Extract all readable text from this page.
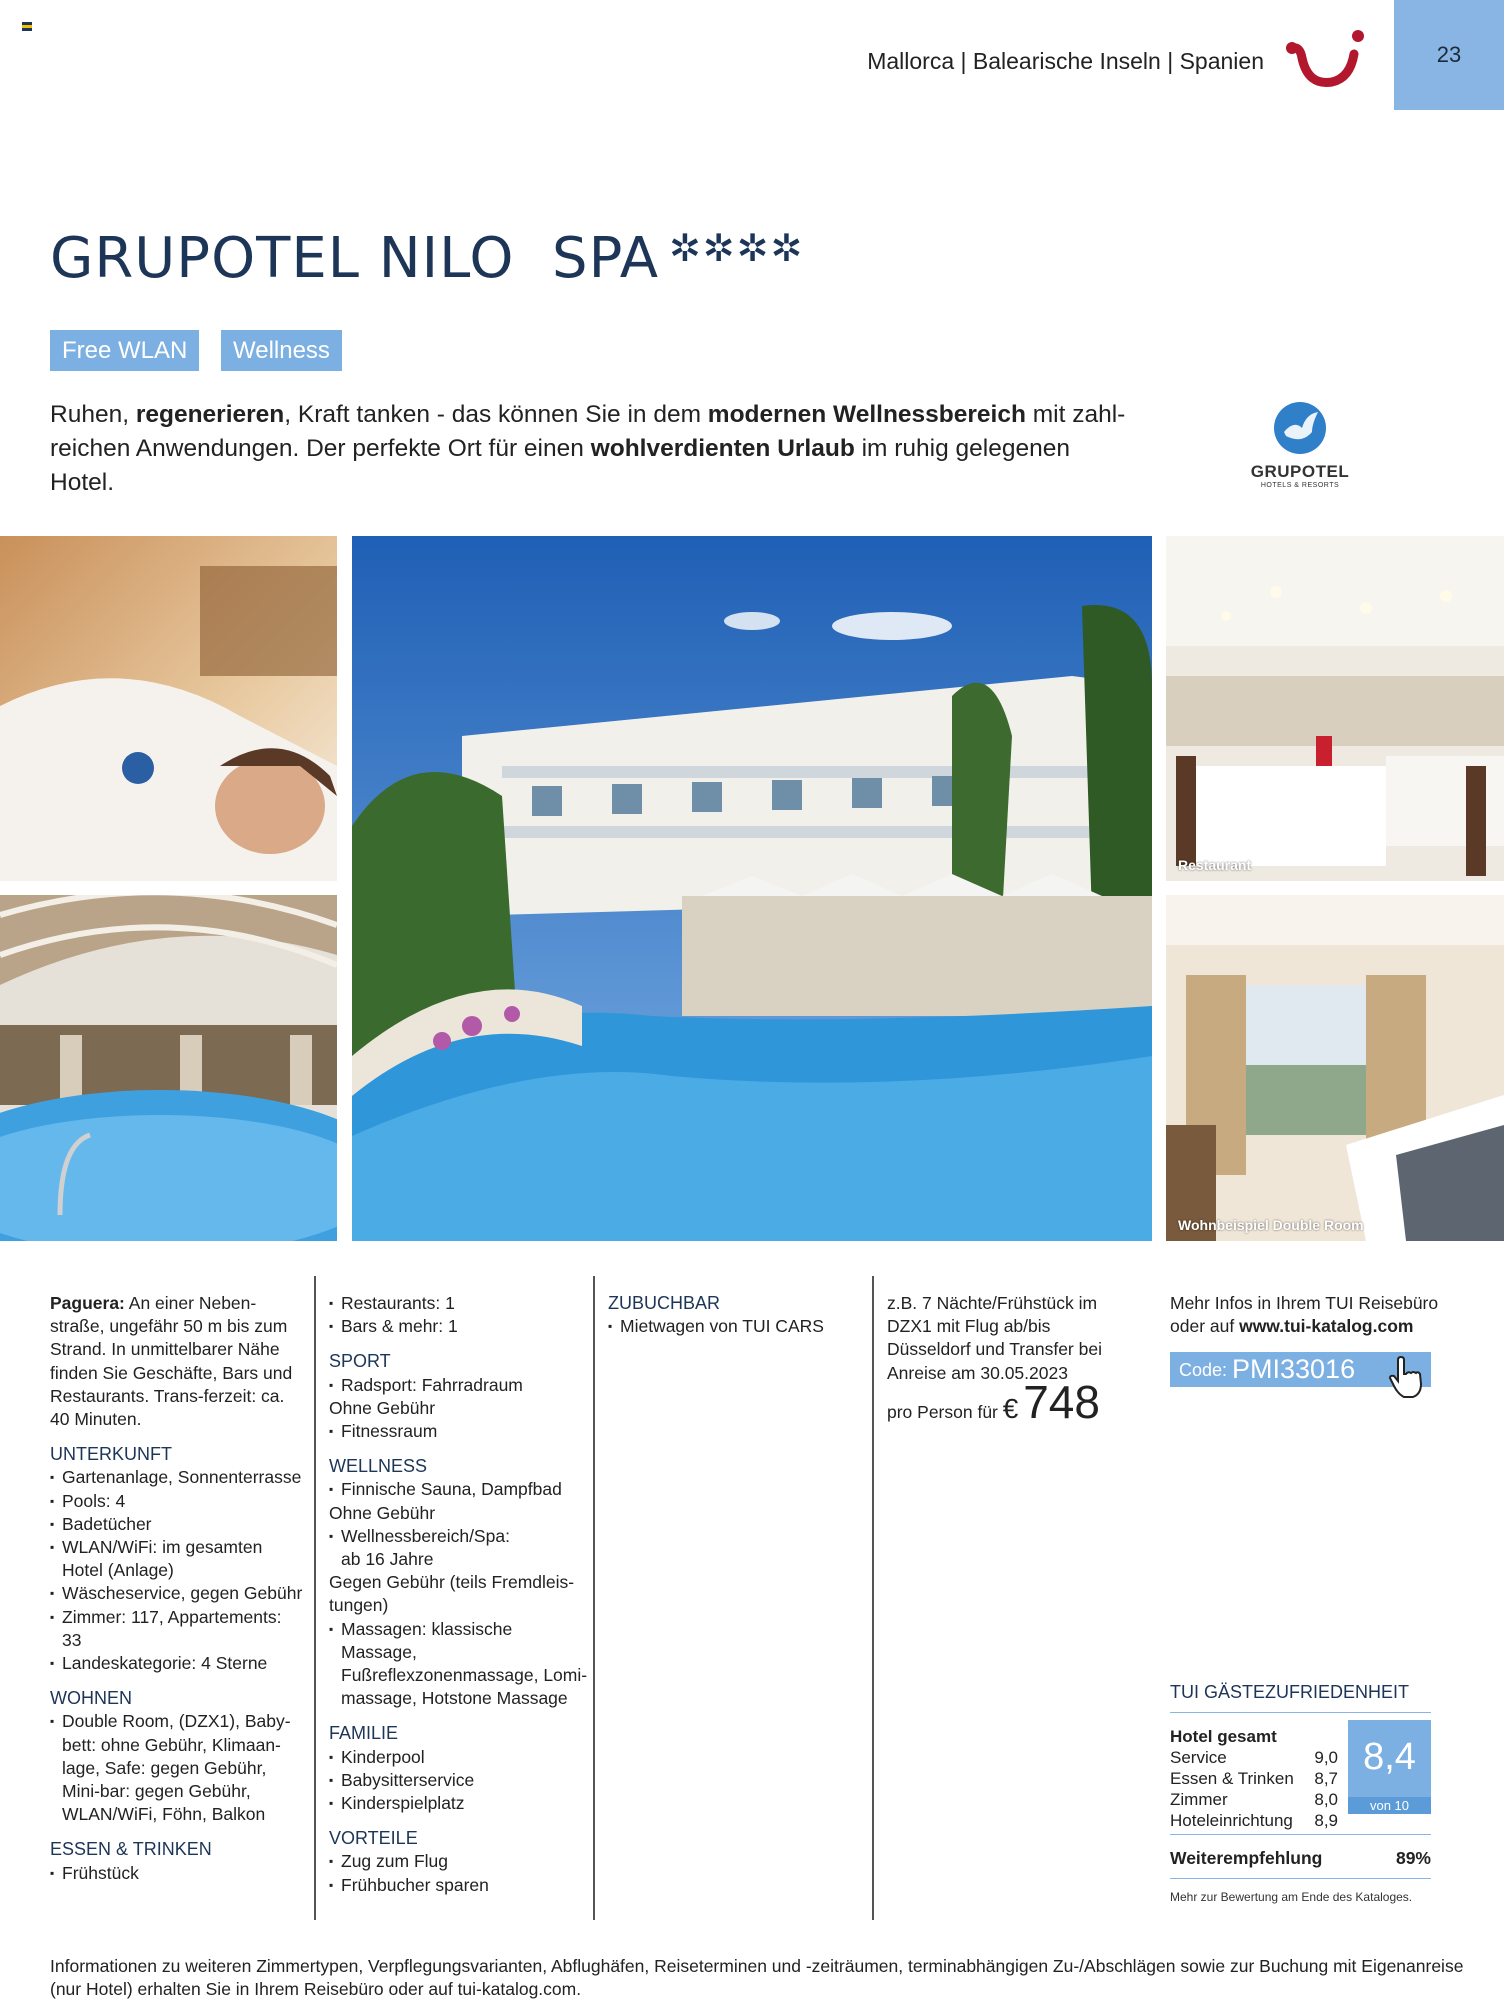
Mallorca | Balearische Inseln | Spanien	23
GRUPOTEL NILO  SPA ✲✲✲✲
Free WLAN	Wellness
Ruhen, regenerieren, Kraft tanken - das können Sie in dem modernen Wellnessbereich mit zahl-reichen Anwendungen. Der perfekte Ort für einen wohlverdienten Urlaub im ruhig gelegenen Hotel.	GRUPOTEL
HOTELS & RESORTS
Restaurant
Wohnbeispiel Double Room
Paguera: An einer Neben-straße, ungefähr 50 m bis zum Strand. In unmittelbarer Nähe finden Sie Geschäfte, Bars und Restaurants. Trans-ferzeit: ca. 40 Minuten.
UNTERKUNFT
▪ Gartenanlage, Sonnenterrasse
▪ Pools: 4
▪ Badetücher
▪ WLAN/WiFi: im gesamten Hotel (Anlage)
▪ Wäscheservice, gegen Gebühr
▪ Zimmer: 117, Appartements: 33
▪ Landeskategorie: 4 Sterne
WOHNEN
▪ Double Room, (DZX1), Baby-bett: ohne Gebühr, Klimaan-lage, Safe: gegen Gebühr, Mini-bar: gegen Gebühr, WLAN/WiFi, Föhn, Balkon
ESSEN & TRINKEN
▪ Frühstück
▪ Restaurants: 1
▪ Bars & mehr: 1
SPORT
▪ Radsport: Fahrradraum
Ohne Gebühr
▪ Fitnessraum
WELLNESS
▪ Finnische Sauna, Dampfbad
Ohne Gebühr
▪ Wellnessbereich/Spa:
ab 16 Jahre
Gegen Gebühr (teils Fremdleis-tungen)
▪ Massagen: klassische Massage, Fußreflexzonenmassage, Lomi-massage, Hotstone Massage
FAMILIE
▪ Kinderpool
▪ Babysitterservice
▪ Kinderspielplatz
VORTEILE
▪ Zug zum Flug
▪ Frühbucher sparen
ZUBUCHBAR
▪ Mietwagen von TUI CARS
z.B. 7 Nächte/Frühstück im DZX1 mit Flug ab/bis Düsseldorf und Transfer bei Anreise am 30.05.2023
pro Person für € 748
Mehr Infos in Ihrem TUI Reisebüro oder auf www.tui-katalog.com
Code: PMI33016
TUI GÄSTEZUFRIEDENHEIT
Hotel gesamt
Service	9,0
Essen & Trinken 8,7
Zimmer	8,0
Hoteleinrichtung 8,9
8,4
von 10
Weiterempfehlung	89%
Mehr zur Bewertung am Ende des Kataloges.
Informationen zu weiteren Zimmertypen, Verpflegungsvarianten, Abflughäfen, Reiseterminen und -zeiträumen, terminabhängigen Zu-/Abschlägen sowie zur Buchung mit Eigenanreise (nur Hotel) erhalten Sie in Ihrem Reisebüro oder auf tui-katalog.com.
